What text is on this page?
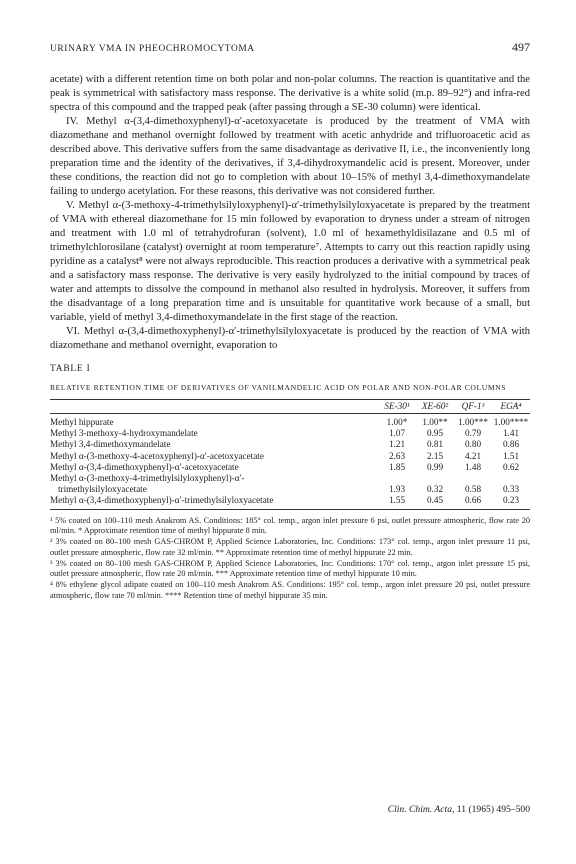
URINARY VMA IN PHEOCHROMOCYTOMA	497

acetate) with a different retention time on both polar and non-polar columns. The reaction is quantitative and the peak is symmetrical with satisfactory mass response. The derivative is a white solid (m.p. 89–92°) and infra-red spectra of this compound and the trapped peak (after passing through a SE-30 column) were identical.

IV. Methyl α-(3,4-dimethoxyphenyl)-α′-acetoxyacetate is produced by the treatment of VMA with diazomethane and methanol overnight followed by treatment with acetic anhydride and trifluoroacetic acid as described above. This derivative suffers from the same disadvantage as derivative II, i.e., the inconveniently long preparation time and the identity of the derivatives, if 3,4-dihydroxymandelic acid is present. Moreover, under these conditions, the reaction did not go to completion with about 10–15% of methyl 3,4-dimethoxymandelate failing to undergo acetylation. For these reasons, this derivative was not considered further.

V. Methyl α-(3-methoxy-4-trimethylsilyloxyphenyl)-α′-trimethylsilyloxyacetate is prepared by the treatment of VMA with ethereal diazomethane for 15 min followed by evaporation to dryness under a stream of nitrogen and treatment with 1.0 ml of tetrahydrofuran (solvent), 1.0 ml of hexamethyldisilazane and 0.5 ml of trimethylchlorosilane (catalyst) overnight at room temperature⁷. Attempts to carry out this reaction rapidly using pyridine as a catalyst⁸ were not always reproducible. This reaction produces a derivative with a symmetrical peak and a satisfactory mass response. The derivative is very easily hydrolyzed to the initial compound by traces of water and attempts to dissolve the compound in methanol also resulted in hydrolysis. Moreover, it suffers from the disadvantage of a long preparation time and is unsuitable for quantitative work because of a small, but variable, yield of methyl 3,4-dimethoxymandelate in the first stage of the reaction.

VI. Methyl α-(3,4-dimethoxyphenyl)-α′-trimethylsilyloxyacetate is produced by the reaction of VMA with diazomethane and methanol overnight, evaporation to

TABLE I
RELATIVE RETENTION TIME OF DERIVATIVES OF VANILMANDELIC ACID ON POLAR AND NON-POLAR COLUMNS
	SE-30¹	XE-60²	QF-1³	EGA⁴

Methyl hippurate	1.00*	1.00**	1.00***	1.00****
Methyl 3-methoxy-4-hydroxymandelate	1.07	0.95	0.79	1.41
Methyl 3,4-dimethoxymandelate	1.21	0.81	0.80	0.86
Methyl α-(3-methoxy-4-acetoxyphenyl)-α′-acetoxyacetate	2.63	2.15	4.21	1.51
Methyl α-(3,4-dimethoxyphenyl)-α′-acetoxyacetate	1.85	0.99	1.48	0.62
Methyl α-(3-methoxy-4-trimethylsilyloxyphenyl)-α′-				
trimethylsilyloxyacetate	1.93	0.32	0.58	0.33
Methyl α-(3,4-dimethoxyphenyl)-α′-trimethylsilyloxyacetate	1.55	0.45	0.66	0.23

¹ 5% coated on 100–110 mesh Anakrom AS. Conditions: 185° col. temp., argon inlet pressure 6 psi, outlet pressure atmospheric, flow rate 20 ml/min. * Approximate retention time of methyl hippurate 8 min.

² 3% coated on 80–100 mesh GAS-CHROM P, Applied Science Laboratories, Inc. Conditions: 173° col. temp., argon inlet pressure 11 psi, outlet pressure atmospheric, flow rate 32 ml/min. ** Approximate retention time of methyl hippurate 22 min.

³ 3% coated on 80–100 mesh GAS-CHROM P, Applied Science Laboratories, Inc. Conditions: 170° col. temp., argon inlet pressure 15 psi, outlet pressure atmospheric, flow rate 20 ml/min. *** Approximate retention time of methyl hippurate 10 min.

⁴ 8% ethylene glycol adipate coated on 100–110 mesh Anakrom AS. Conditions: 195° col. temp., argon inlet pressure 20 psi, outlet pressure atmospheric, flow rate 70 ml/min. **** Retention time of methyl hippurate 35 min.

Clin. Chim. Acta, 11 (1965) 495–500
